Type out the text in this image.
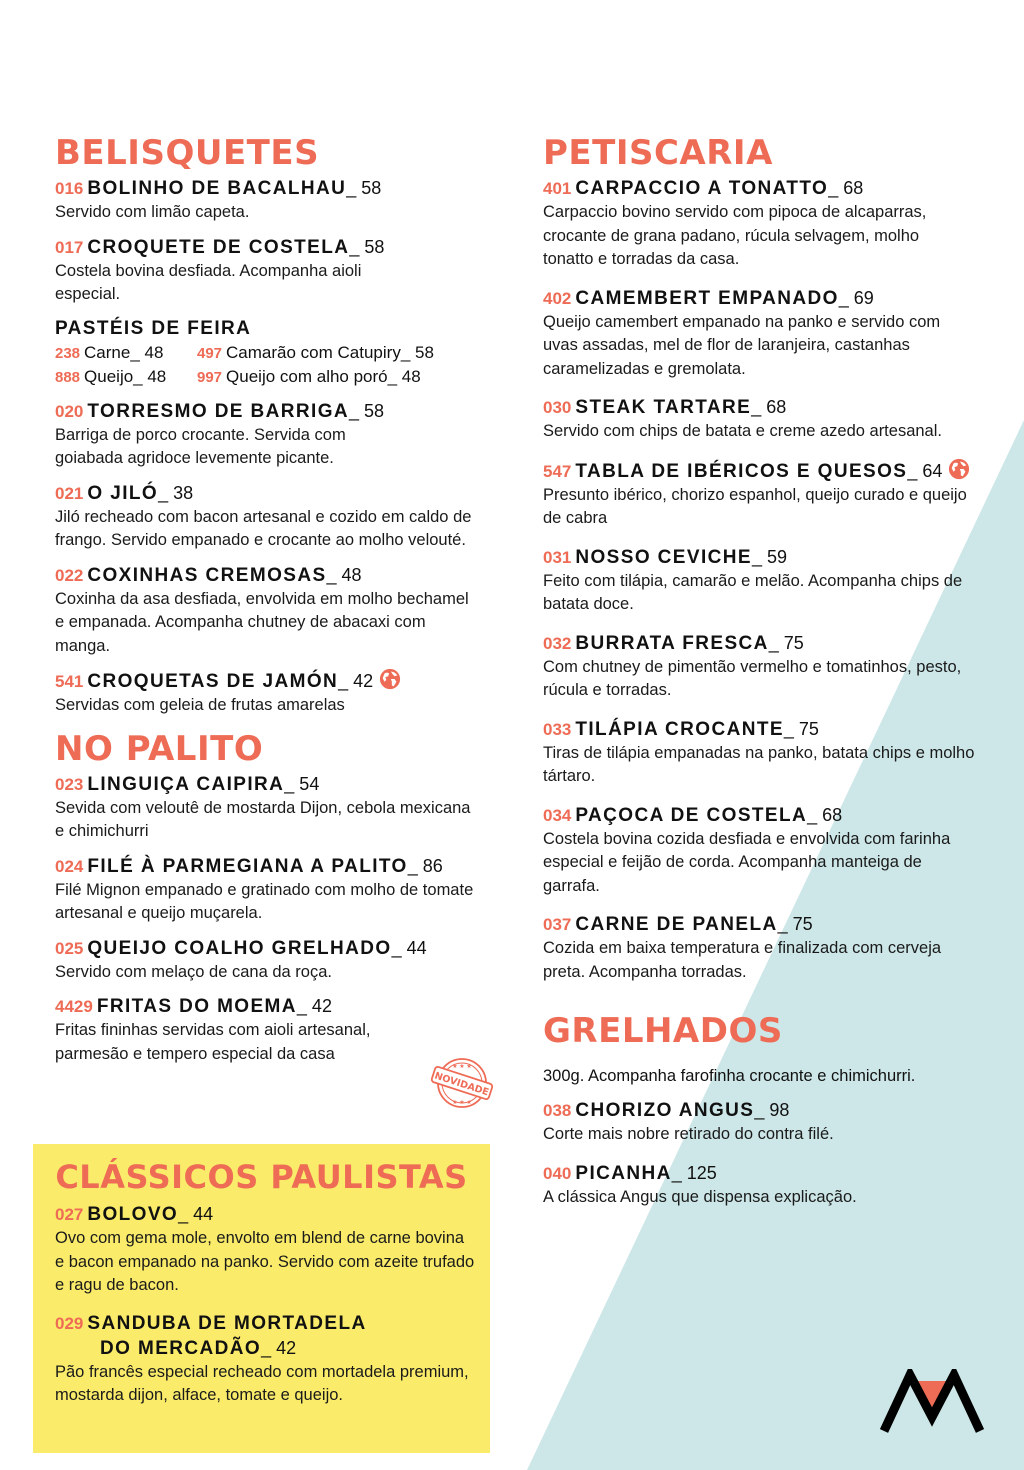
BELISQUETES
016 BOLINHO DE BACALHAU_ 58
Servido com limão capeta.
017 CROQUETE DE COSTELA_ 58
Costela bovina desfiada. Acompanha aioli especial.
PASTÉIS DE FEIRA
238 Carne_ 48	497 Camarão com Catupiry_ 58
888 Queijo_ 48	997 Queijo com alho poró_ 48
020 TORRESMO DE BARRIGA_ 58
Barriga de porco crocante. Servida com goiabada agridoce levemente picante.
021 O JILÓ_ 38
Jiló recheado com bacon artesanal e cozido em caldo de frango. Servido empanado e crocante ao molho velouté.
022 COXINHAS CREMOSAS_ 48
Coxinha da asa desfiada, envolvida em molho bechamel e empanada. Acompanha chutney de abacaxi com manga.
541 CROQUETAS DE JAMÓN_ 42
Servidas com geleia de frutas amarelas
NO PALITO
023 LINGUIÇA CAIPIRA_ 54
Sevida com veloutê de mostarda Dijon, cebola mexicana e chimichurri
024 FILÉ À PARMEGIANA A PALITO_ 86
Filé Mignon empanado e gratinado com molho de tomate artesanal e queijo muçarela.
025 QUEIJO COALHO GRELHADO_ 44
Servido com melaço de cana da roça.
4429 FRITAS DO MOEMA_ 42
Fritas fininhas servidas com aioli artesanal, parmesão e tempero especial da casa
NOVIDADE
★ ★ ★
★ ★ ★
CLÁSSICOS PAULISTAS
027 BOLOVO_ 44
Ovo com gema mole, envolto em blend de carne bovina e bacon empanado na panko. Servido com azeite trufado e ragu de bacon.
029 SANDUBA DE MORTADELA
DO MERCADÃO_ 42
Pão francês especial recheado com mortadela premium, mostarda dijon, alface, tomate e queijo.
PETISCARIA
401 CARPACCIO A TONATTO_ 68
Carpaccio bovino servido com pipoca de alcaparras, crocante de grana padano, rúcula selvagem, molho tonatto e torradas da casa.
402 CAMEMBERT EMPANADO_ 69
Queijo camembert empanado na panko e servido com uvas assadas, mel de flor de laranjeira, castanhas caramelizadas e gremolata.
030 STEAK TARTARE_ 68
Servido com chips de batata e creme azedo artesanal.
547 TABLA DE IBÉRICOS E QUESOS_ 64
Presunto ibérico, chorizo espanhol, queijo curado e queijo de cabra
031 NOSSO CEVICHE_ 59
Feito com tilápia, camarão e melão. Acompanha chips de batata doce.
032 BURRATA FRESCA_ 75
Com chutney de pimentão vermelho e tomatinhos, pesto, rúcula e torradas.
033 TILÁPIA CROCANTE_ 75
Tiras de tilápia empanadas na panko, batata chips e molho tártaro.
034 PAÇOCA DE COSTELA_ 68
Costela bovina cozida desfiada e envolvida com farinha especial e feijão de corda. Acompanha manteiga de garrafa.
037 CARNE DE PANELA_ 75
Cozida em baixa temperatura e finalizada com cerveja preta. Acompanha torradas.
GRELHADOS
300g. Acompanha farofinha crocante e chimichurri.
038 CHORIZO ANGUS_ 98
Corte mais nobre retirado do contra filé.
040 PICANHA_ 125
A clássica Angus que dispensa explicação.
